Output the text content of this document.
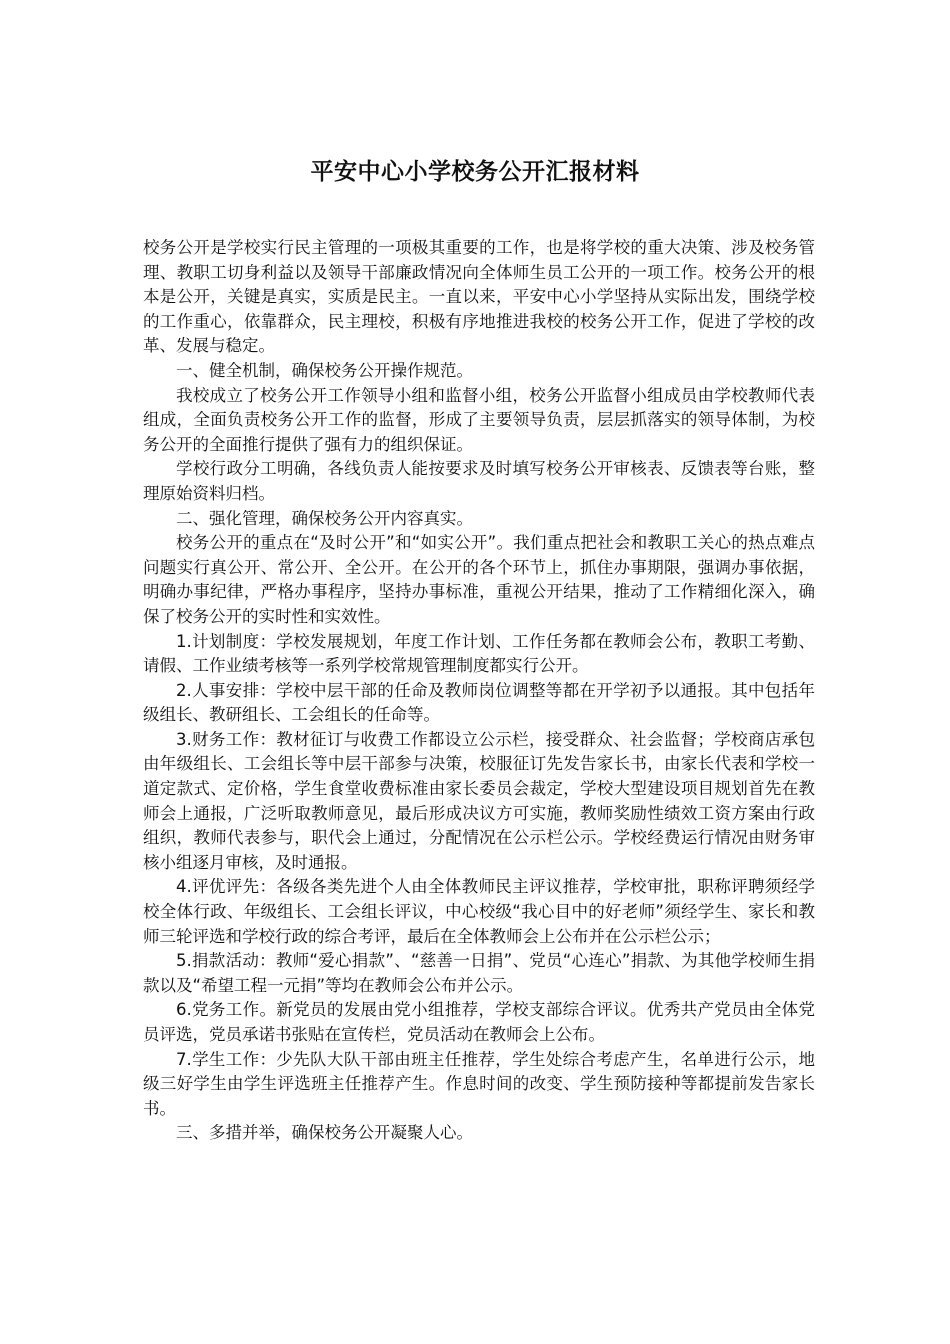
平安中心小学校务公开汇报材料

校务公开是学校实行民主管理的一项极其重要的工作，也是将学校的重大决策、涉及校务管理、教职工切身利益以及领导干部廉政情况向全体师生员工公开的一项工作。校务公开的根本是公开，关键是真实，实质是民主。一直以来，平安中心小学坚持从实际出发，围绕学校的工作重心，依靠群众，民主理校，积极有序地推进我校的校务公开工作，促进了学校的改革、发展与稳定。

一、健全机制，确保校务公开操作规范。

我校成立了校务公开工作领导小组和监督小组，校务公开监督小组成员由学校教师代表组成，全面负责校务公开工作的监督，形成了主要领导负责，层层抓落实的领导体制，为校务公开的全面推行提供了强有力的组织保证。

学校行政分工明确，各线负责人能按要求及时填写校务公开审核表、反馈表等台账，整理原始资料归档。

二、强化管理，确保校务公开内容真实。

校务公开的重点在“及时公开”和“如实公开”。我们重点把社会和教职工关心的热点难点问题实行真公开、常公开、全公开。在公开的各个环节上，抓住办事期限，强调办事依据，明确办事纪律，严格办事程序，坚持办事标准，重视公开结果，推动了工作精细化深入，确保了校务公开的实时性和实效性。

1.计划制度：学校发展规划，年度工作计划、工作任务都在教师会公布，教职工考勤、请假、工作业绩考核等一系列学校常规管理制度都实行公开。

2.人事安排：学校中层干部的任命及教师岗位调整等都在开学初予以通报。其中包括年级组长、教研组长、工会组长的任命等。

3.财务工作：教材征订与收费工作都设立公示栏，接受群众、社会监督；学校商店承包由年级组长、工会组长等中层干部参与决策，校服征订先发告家长书，由家长代表和学校一道定款式、定价格，学生食堂收费标准由家长委员会裁定，学校大型建设项目规划首先在教师会上通报，广泛听取教师意见，最后形成决议方可实施，教师奖励性绩效工资方案由行政组织，教师代表参与，职代会上通过，分配情况在公示栏公示。学校经费运行情况由财务审核小组逐月审核，及时通报。

4.评优评先：各级各类先进个人由全体教师民主评议推荐，学校审批，职称评聘须经学校全体行政、年级组长、工会组长评议，中心校级“我心目中的好老师”须经学生、家长和教师三轮评选和学校行政的综合考评，最后在全体教师会上公布并在公示栏公示；

5.捐款活动：教师“爱心捐款”、“慈善一日捐”、党员“心连心”捐款、为其他学校师生捐款以及“希望工程一元捐”等均在教师会公布并公示。

6.党务工作。新党员的发展由党小组推荐，学校支部综合评议。优秀共产党员由全体党员评选，党员承诺书张贴在宣传栏，党员活动在教师会上公布。

7.学生工作：少先队大队干部由班主任推荐，学生处综合考虑产生，名单进行公示，地级三好学生由学生评选班主任推荐产生。作息时间的改变、学生预防接种等都提前发告家长书。

三、多措并举，确保校务公开凝聚人心。
